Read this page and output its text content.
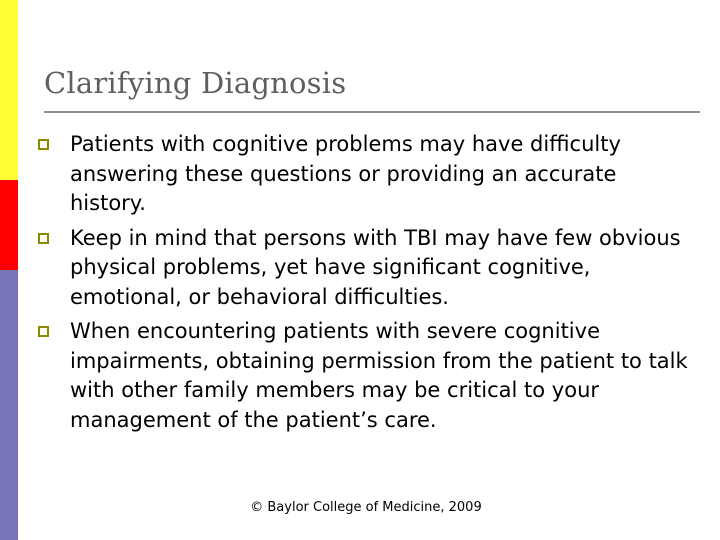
Clarifying Diagnosis
Patients with cognitive problems may have difficulty answering these questions or providing an accurate history.
Keep in mind that persons with TBI may have few obvious physical problems, yet have significant cognitive, emotional, or behavioral difficulties.
When encountering patients with severe cognitive impairments, obtaining permission from the patient to talk with other family members may be critical to your management of the patient’s care.
© Baylor College of Medicine, 2009
